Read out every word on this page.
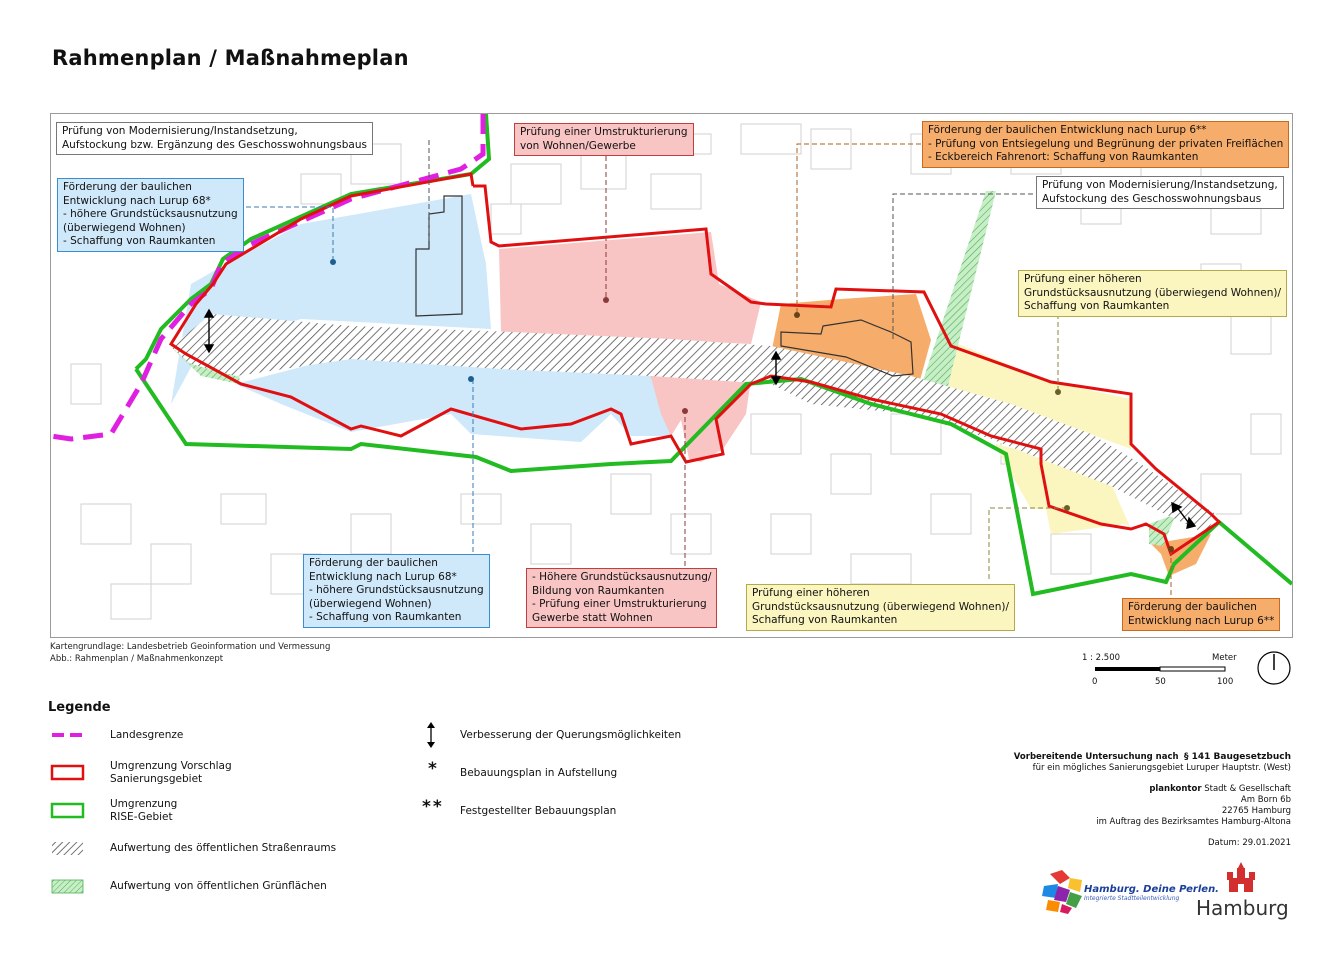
Rahmenplan / Maßnahmeplan
Prüfung von Modernisierung/Instandsetzung,
Aufstockung bzw. Ergänzung des Geschosswohnungsbaus
Förderung der baulichen
Entwicklung nach Lurup 68*
- höhere Grundstücksausnutzung
(überwiegend Wohnen)
- Schaffung von Raumkanten
Prüfung einer Umstrukturierung
von Wohnen/Gewerbe
Förderung der baulichen Entwicklung nach Lurup 6**
- Prüfung von Entsiegelung und Begrünung der privaten Freiflächen
- Eckbereich Fahrenort: Schaffung von Raumkanten
Prüfung von Modernisierung/Instandsetzung,
Aufstockung des Geschosswohnungsbaus
Prüfung einer höheren
Grundstücksausnutzung (überwiegend Wohnen)/
Schaffung von Raumkanten
Förderung der baulichen
Entwicklung nach Lurup 68*
- höhere Grundstücksausnutzung
(überwiegend Wohnen)
- Schaffung von Raumkanten
- Höhere Grundstücksausnutzung/
Bildung von Raumkanten
- Prüfung einer Umstrukturierung
Gewerbe statt Wohnen
Prüfung einer höheren
Grundstücksausnutzung (überwiegend Wohnen)/
Schaffung von Raumkanten
Förderung der baulichen
Entwicklung nach Lurup 6**
Kartengrundlage: Landesbetrieb Geoinformation und Vermessung
Abb.: Rahmenplan / Maßnahmenkonzept	1 : 2.500	Meter
0	50	100
Legende
Landesgrenze
Umgrenzung Vorschlag
Sanierungsgebiet
Umgrenzung
RISE-Gebiet
Aufwertung des öffentlichen Straßenraums
Aufwertung von öffentlichen Grünflächen
Verbesserung der Querungsmöglichkeiten
* Bebauungsplan in Aufstellung
** Festgestellter Bebauungsplan
Vorbereitende Untersuchung nach § 141 Baugesetzbuch
für ein mögliches Sanierungsgebiet Luruper Hauptstr. (West)
plankontor Stadt & Gesellschaft
Am Born 6b
22765 Hamburg
im Auftrag des Bezirksamtes Hamburg-Altona
Datum: 29.01.2021
Hamburg. Deine Perlen.
Integrierte Stadtteilentwicklung Hamburg
